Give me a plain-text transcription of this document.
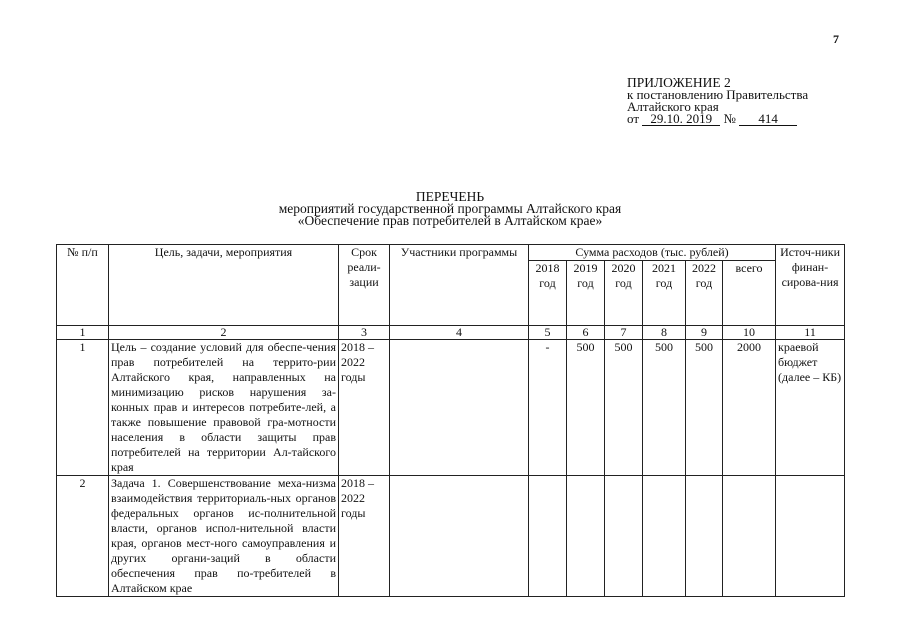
7
ПРИЛОЖЕНИЕ 2
к постановлению Правительства
Алтайского края
от 29.10. 2019 № 414
ПЕРЕЧЕНЬ
мероприятий государственной программы Алтайского края
«Обеспечение прав потребителей в Алтайском крае»
№ п/п	Цель, задачи, мероприятия	Срок реали-зации	Участники программы	Сумма расходов (тыс. рублей)						Источ-ники финан-сирова-ния
				2018 год	2019 год	2020 год	2021 год	2022 год	всего	
1	2	3	4	5	6	7	8	9	10	11
1	Цель – создание условий для обеспе-чения прав потребителей на террито-рии Алтайского края, направленных на минимизацию рисков нарушения за-конных прав и интересов потребите-лей, а также повышение правовой гра-мотности населения в области защиты прав потребителей на территории Ал-тайского края	2018 – 2022 годы		-	500	500	500	500	2000	краевой бюджет (далее – КБ)
2	Задача 1. Совершенствование меха-низма взаимодействия территориаль-ных органов федеральных органов ис-полнительной власти, органов испол-нительной власти края, органов мест-ного самоуправления и других органи-заций в области обеспечения прав по-требителей в Алтайском крае	2018 – 2022 годы								
